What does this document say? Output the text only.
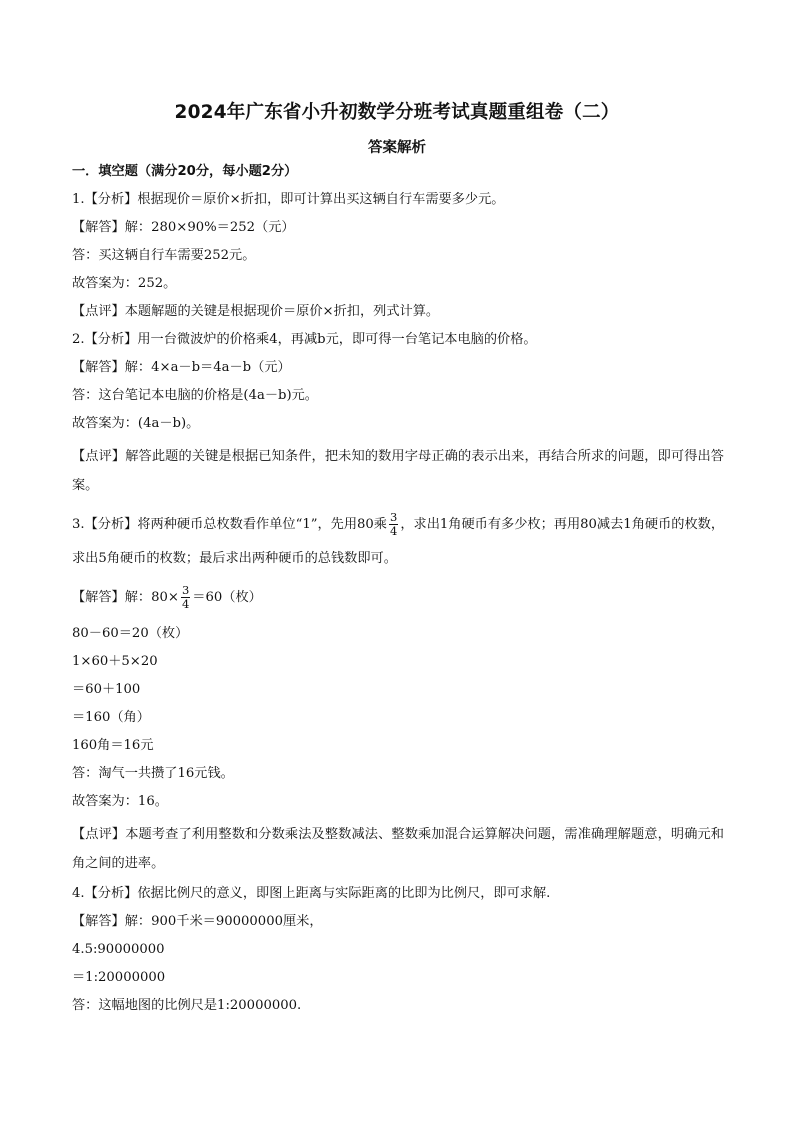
2024年广东省小升初数学分班考试真题重组卷（二）
答案解析
一．填空题（满分20分，每小题2分）
1.【分析】根据现价＝原价×折扣，即可计算出买这辆自行车需要多少元。
【解答】解：280×90%＝252（元）
答：买这辆自行车需要252元。
故答案为：252。
【点评】本题解题的关键是根据现价＝原价×折扣，列式计算。
2.【分析】用一台微波炉的价格乘4，再减b元，即可得一台笔记本电脑的价格。
【解答】解：4×a－b＝4a－b（元）
答：这台笔记本电脑的价格是(4a－b)元。
故答案为：(4a－b)。
【点评】解答此题的关键是根据已知条件，把未知的数用字母正确的表示出来，再结合所求的问题，即可得出答案。
3.【分析】将两种硬币总枚数看作单位“1”，先用80乘 $\frac{3}{4}$ ，求出1角硬币有多少枚；再用80减去1角硬币的枚数，求出5角硬币的枚数；最后求出两种硬币的总钱数即可。
【解答】解：$80\times \frac{3}{4} =60$（枚）
80－60＝20（枚）
1×60＋5×20
＝60＋100
＝160（角）
160角＝16元
答：淘气一共攒了16元钱。
故答案为：16。
【点评】本题考查了利用整数和分数乘法及整数减法、整数乘加混合运算解决问题，需准确理解题意，明确元和角之间的进率。
4.【分析】依据比例尺的意义，即图上距离与实际距离的比即为比例尺，即可求解.
【解答】解：900千米＝90000000厘米，
4.5:90000000
＝1:20000000
答：这幅地图的比例尺是1:20000000.
